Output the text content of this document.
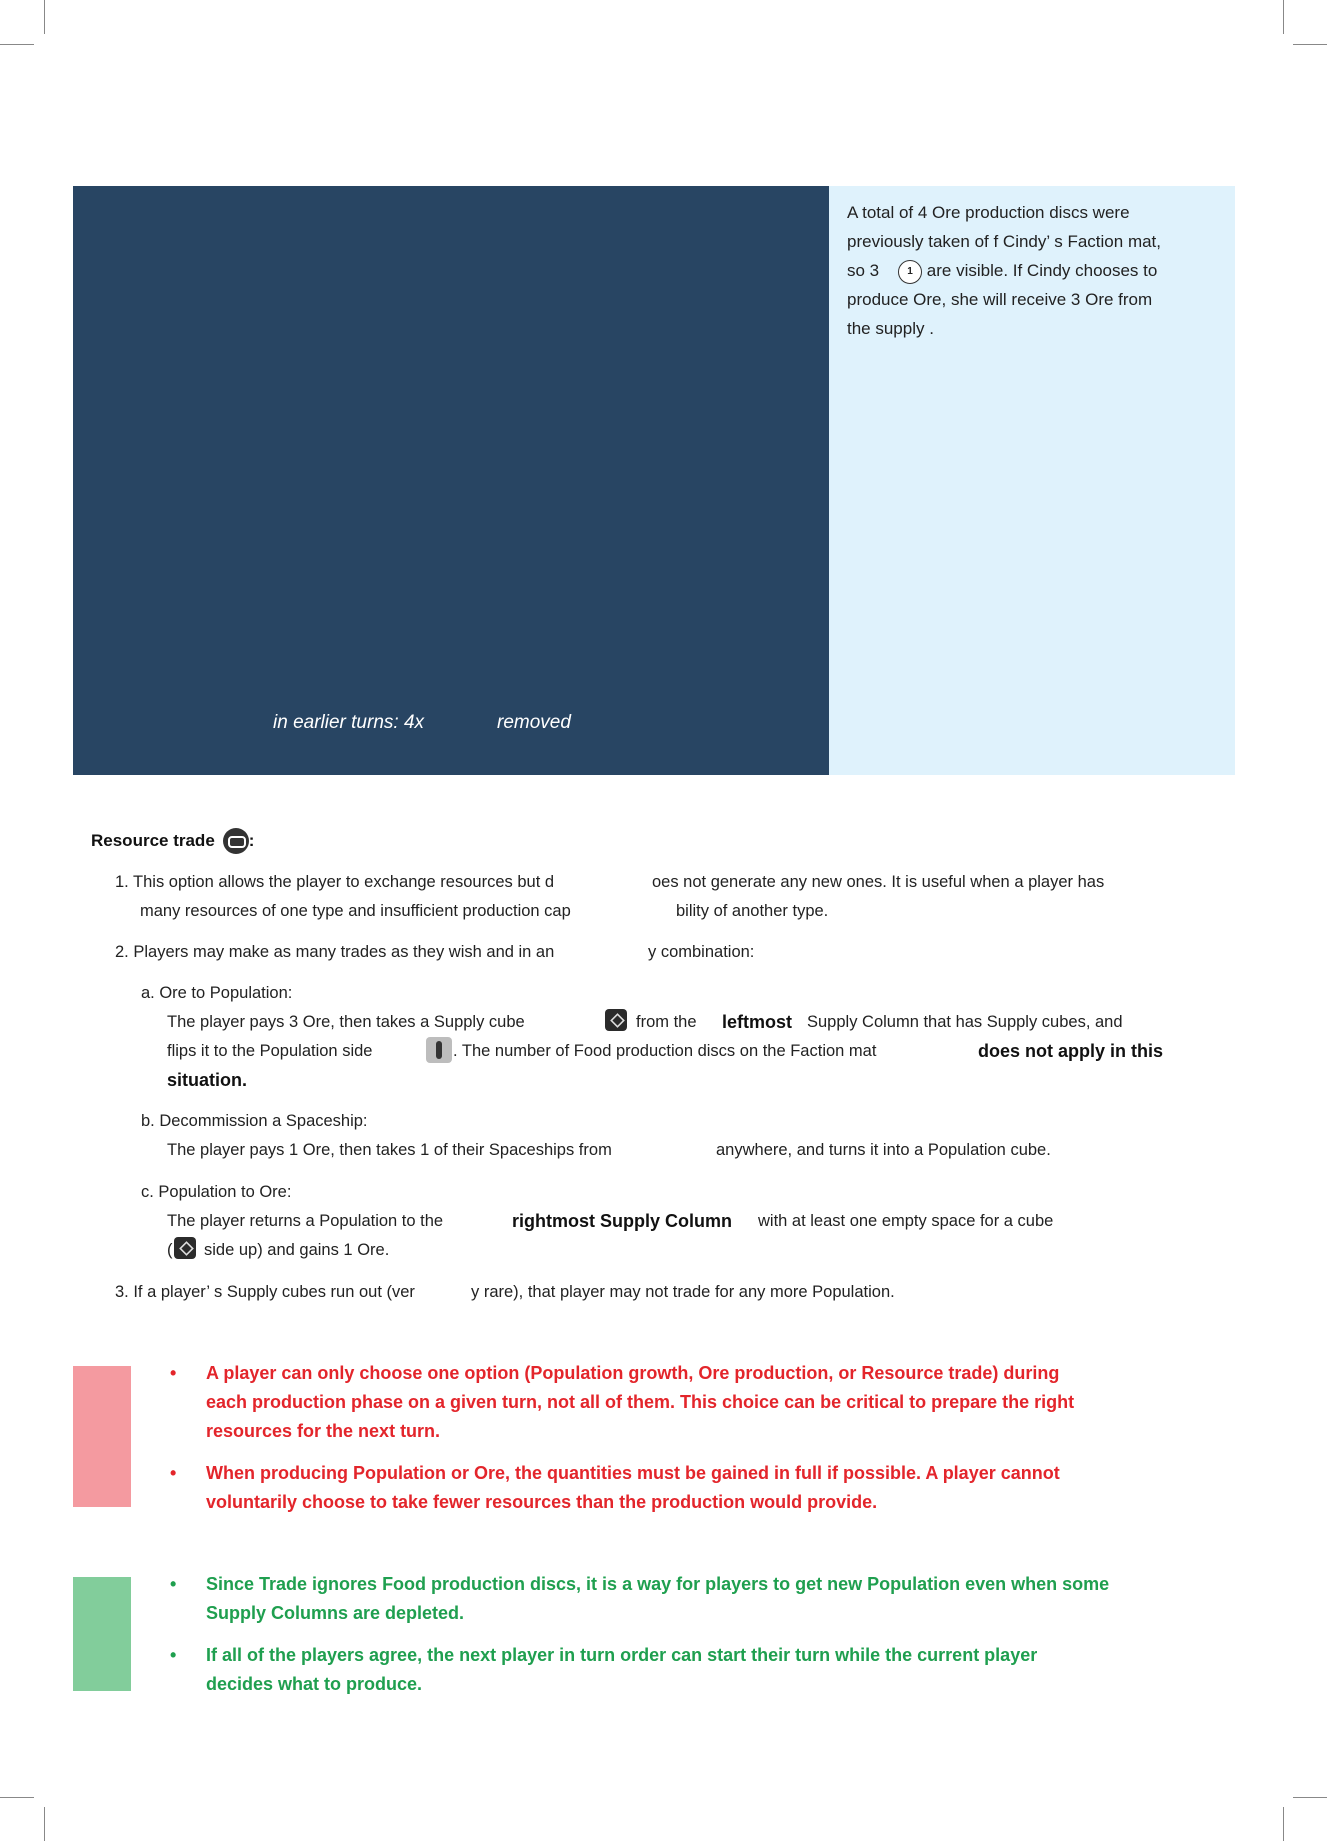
in earlier turns: 4x	removed

A total of 4 Ore production discs were

previously taken of f Cindy’ s Faction mat,

so 3	1 are visible. If Cindy chooses to

produce Ore, she will receive 3 Ore from

the supply .

Resource trade :
1. This option allows the player to exchange resources but d	oes not generate any new ones. It is useful when a player has
many resources of one type and insufficient production cap	bility of another type.
2. Players may make as many trades as they wish and in an	y combination:
a. Ore to Population:
The player pays 3 Ore, then takes a Supply cube	from the leftmost Supply Column that has Supply cubes, and
flips it to the Population side	. The number of Food production discs on the Faction mat	does not apply in this
situation.
b. Decommission a Spaceship:
The player pays 1 Ore, then takes 1 of their Spaceships from	anywhere, and turns it into a Population cube.
c. Population to Ore:
The player returns a Population to the	rightmost Supply Column with at least one empty space for a cube
( side up) and gains 1 Ore.
3. If a player’ s Supply cubes run out (ver	y rare), that player may not trade for any more Population.
• A player can only choose one option (Population growth, Ore production, or Resource trade) during
each production phase on a given turn, not all of them. This choice can be critical to prepare the right
resources for the next turn.
• When producing Population or Ore, the quantities must be gained in full if possible. A player cannot
voluntarily choose to take fewer resources than the production would provide.
• Since Trade ignores Food production discs, it is a way for players to get new Population even when some
Supply Columns are depleted.
• If all of the players agree, the next player in turn order can start their turn while the current player
decides what to produce.
